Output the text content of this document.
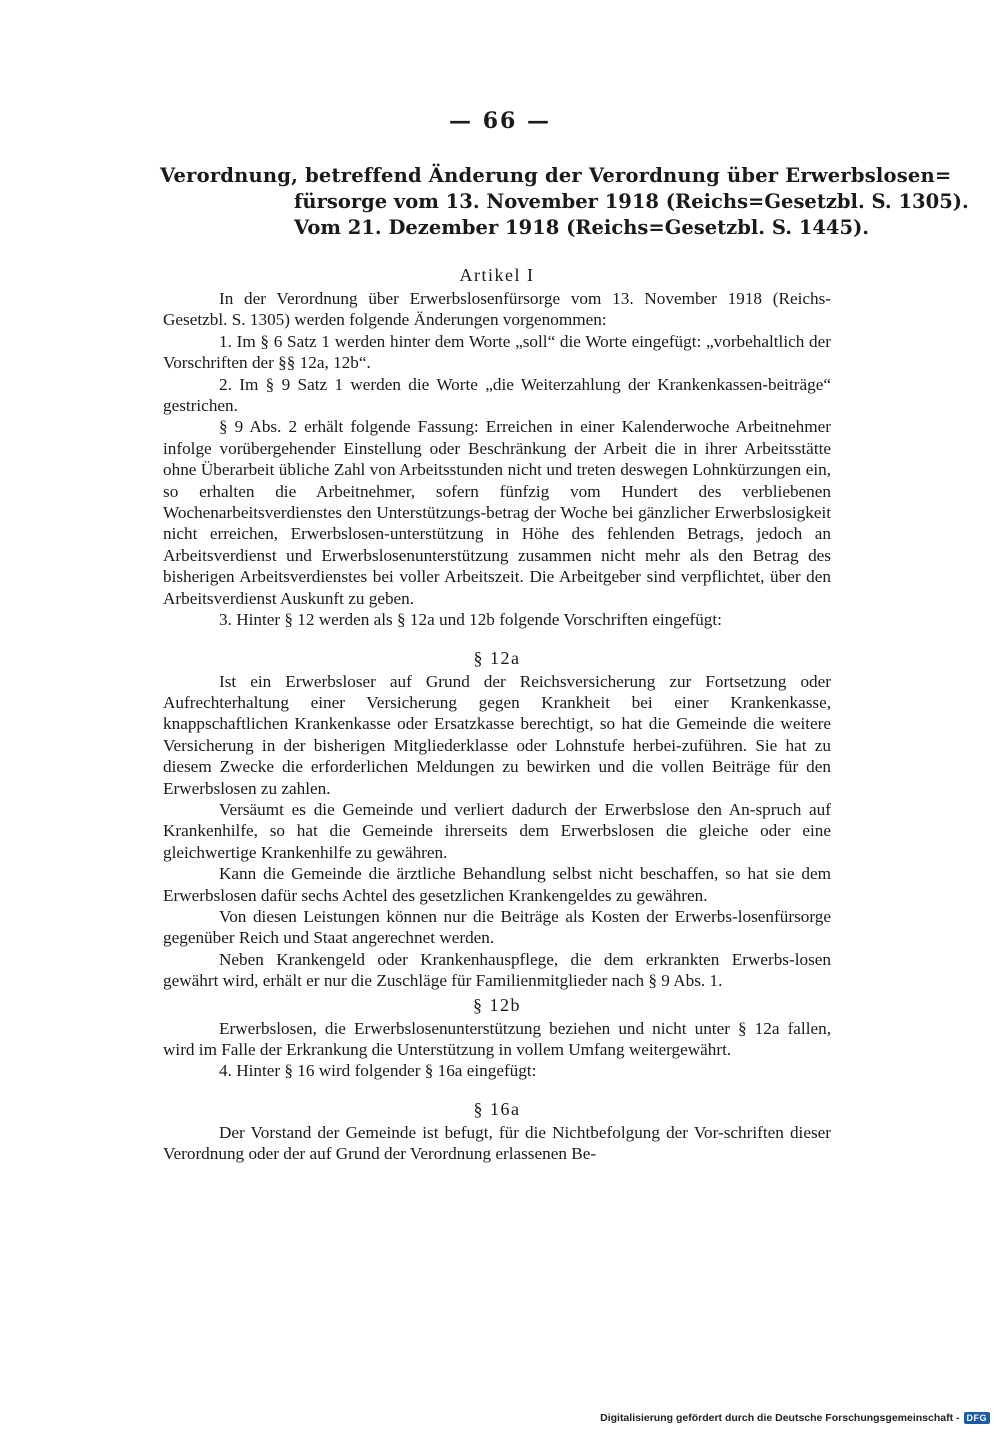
— 66 —
Verordnung, betreffend Änderung der Verordnung über Erwerbslosen=
fürsorge vom 13. November 1918 (Reichs=Gesetzbl. S. 1305).
Vom 21. Dezember 1918 (Reichs=Gesetzbl. S. 1445).

Artikel I

In der Verordnung über Erwerbslosenfürsorge vom 13. November 1918 (Reichs-Gesetzbl. S. 1305) werden folgende Änderungen vorgenommen:

1. Im § 6 Satz 1 werden hinter dem Worte „soll“ die Worte eingefügt: „vorbehaltlich der Vorschriften der §§ 12a, 12b“.

2. Im § 9 Satz 1 werden die Worte „die Weiterzahlung der Krankenkassen-beiträge“ gestrichen.

§ 9 Abs. 2 erhält folgende Fassung: Erreichen in einer Kalenderwoche Arbeitnehmer infolge vorübergehender Einstellung oder Beschränkung der Arbeit die in ihrer Arbeitsstätte ohne Überarbeit übliche Zahl von Arbeitsstunden nicht und treten deswegen Lohnkürzungen ein, so erhalten die Arbeitnehmer, sofern fünfzig vom Hundert des verbliebenen Wochenarbeitsverdienstes den Unterstützungs-betrag der Woche bei gänzlicher Erwerbslosigkeit nicht erreichen, Erwerbslosen-unterstützung in Höhe des fehlenden Betrags, jedoch an Arbeitsverdienst und Erwerbslosenunterstützung zusammen nicht mehr als den Betrag des bisherigen Arbeitsverdienstes bei voller Arbeitszeit. Die Arbeitgeber sind verpflichtet, über den Arbeitsverdienst Auskunft zu geben.

3. Hinter § 12 werden als § 12a und 12b folgende Vorschriften eingefügt:

§ 12a

Ist ein Erwerbsloser auf Grund der Reichsversicherung zur Fortsetzung oder Aufrechterhaltung einer Versicherung gegen Krankheit bei einer Krankenkasse, knappschaftlichen Krankenkasse oder Ersatzkasse berechtigt, so hat die Gemeinde die weitere Versicherung in der bisherigen Mitgliederklasse oder Lohnstufe herbei-zuführen. Sie hat zu diesem Zwecke die erforderlichen Meldungen zu bewirken und die vollen Beiträge für den Erwerbslosen zu zahlen.

Versäumt es die Gemeinde und verliert dadurch der Erwerbslose den An-spruch auf Krankenhilfe, so hat die Gemeinde ihrerseits dem Erwerbslosen die gleiche oder eine gleichwertige Krankenhilfe zu gewähren.

Kann die Gemeinde die ärztliche Behandlung selbst nicht beschaffen, so hat sie dem Erwerbslosen dafür sechs Achtel des gesetzlichen Krankengeldes zu gewähren.

Von diesen Leistungen können nur die Beiträge als Kosten der Erwerbs-losenfürsorge gegenüber Reich und Staat angerechnet werden.

Neben Krankengeld oder Krankenhauspflege, die dem erkrankten Erwerbs-losen gewährt wird, erhält er nur die Zuschläge für Familienmitglieder nach § 9 Abs. 1.

§ 12b

Erwerbslosen, die Erwerbslosenunterstützung beziehen und nicht unter § 12a fallen, wird im Falle der Erkrankung die Unterstützung in vollem Umfang weitergewährt.

4. Hinter § 16 wird folgender § 16a eingefügt:

§ 16a

Der Vorstand der Gemeinde ist befugt, für die Nichtbefolgung der Vor-schriften dieser Verordnung oder der auf Grund der Verordnung erlassenen Be-

Digitalisierung gefördert durch die Deutsche Forschungsgemeinschaft - DFG
